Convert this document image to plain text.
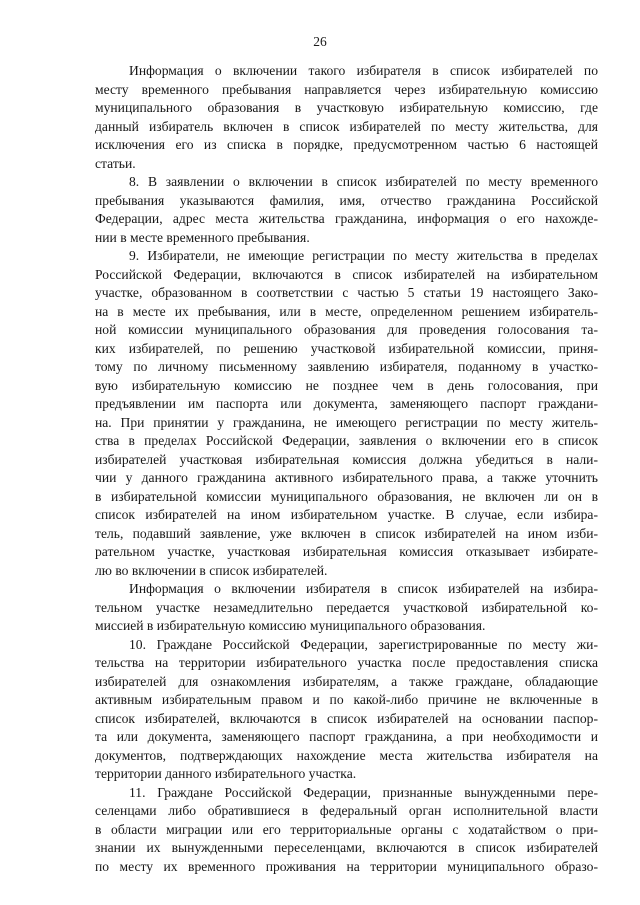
26
Информация о включении такого избирателя в список избирателей по
месту временного пребывания направляется через избирательную комиссию
муниципального образования в участковую избирательную комиссию, где
данный избиратель включен в список избирателей по месту жительства, для
исключения его из списка в порядке, предусмотренном частью 6 настоящей
статьи.
8. В заявлении о включении в список избирателей по месту временного
пребывания указываются фамилия, имя, отчество гражданина Российской
Федерации, адрес места жительства гражданина, информация о его нахожде-
нии в месте временного пребывания.
9. Избиратели, не имеющие регистрации по месту жительства в пределах
Российской Федерации, включаются в список избирателей на избирательном
участке, образованном в соответствии с частью 5 статьи 19 настоящего Зако-
на в месте их пребывания, или в месте, определенном решением избиратель-
ной комиссии муниципального образования для проведения голосования та-
ких избирателей, по решению участковой избирательной комиссии, приня-
тому по личному письменному заявлению избирателя, поданному в участко-
вую избирательную комиссию не позднее чем в день голосования, при
предъявлении им паспорта или документа, заменяющего паспорт граждани-
на. При принятии у гражданина, не имеющего регистрации по месту житель-
ства в пределах Российской Федерации, заявления о включении его в список
избирателей участковая избирательная комиссия должна убедиться в нали-
чии у данного гражданина активного избирательного права, а также уточнить
в избирательной комиссии муниципального образования, не включен ли он в
список избирателей на ином избирательном участке. В случае, если избира-
тель, подавший заявление, уже включен в список избирателей на ином изби-
рательном участке, участковая избирательная комиссия отказывает избирате-
лю во включении в список избирателей.
Информация о включении избирателя в список избирателей на избира-
тельном участке незамедлительно передается участковой избирательной ко-
миссией в избирательную комиссию муниципального образования.
10. Граждане Российской Федерации, зарегистрированные по месту жи-
тельства на территории избирательного участка после предоставления списка
избирателей для ознакомления избирателям, а также граждане, обладающие
активным избирательным правом и по какой-либо причине не включенные в
список избирателей, включаются в список избирателей на основании паспор-
та или документа, заменяющего паспорт гражданина, а при необходимости и
документов, подтверждающих нахождение места жительства избирателя на
территории данного избирательного участка.
11. Граждане Российской Федерации, признанные вынужденными пере-
селенцами либо обратившиеся в федеральный орган исполнительной власти
в области миграции или его территориальные органы с ходатайством о при-
знании их вынужденными переселенцами, включаются в список избирателей
по месту их временного проживания на территории муниципального образо-
